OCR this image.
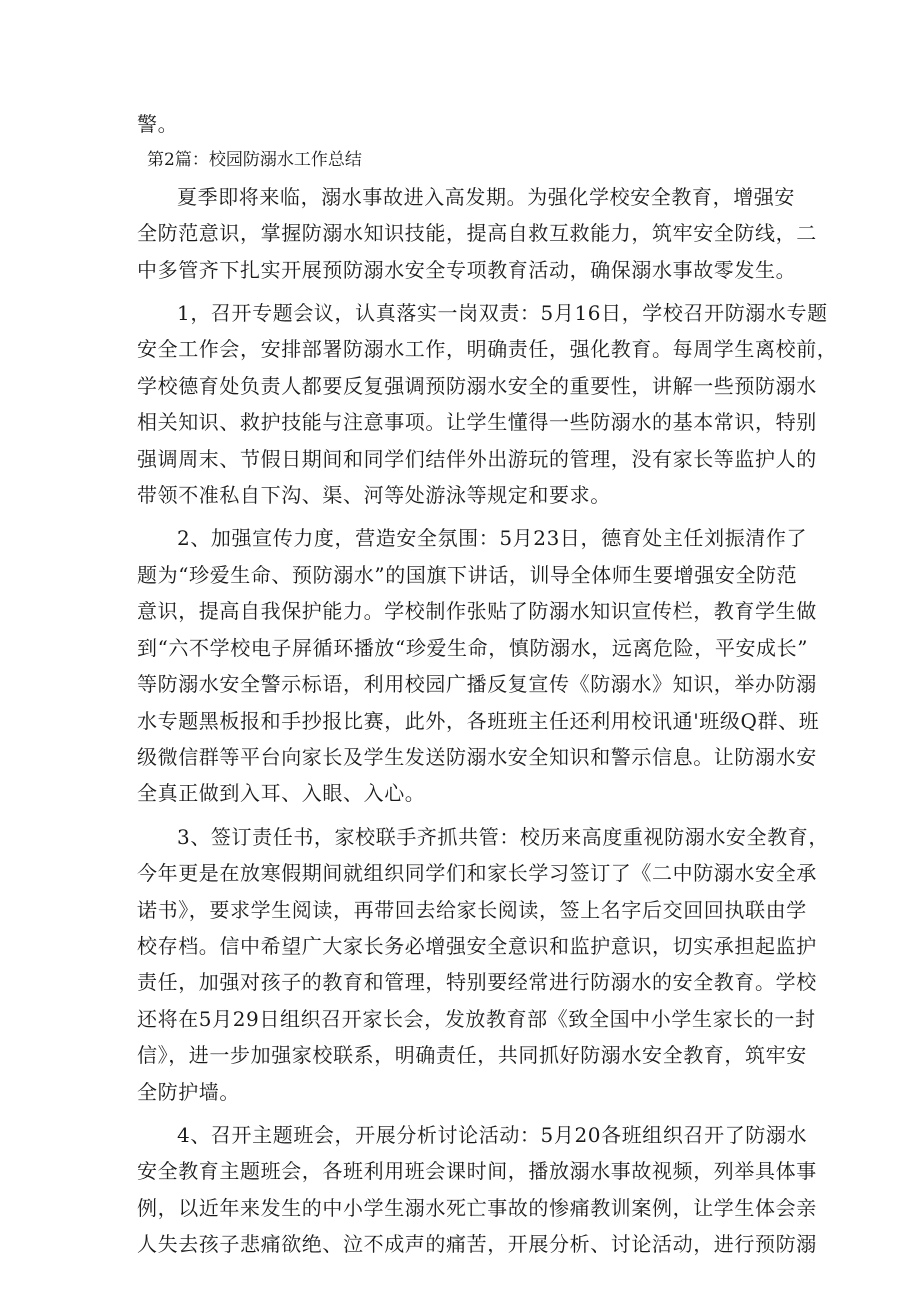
警。
第2篇：校园防溺水工作总结
夏季即将来临，溺水事故进入高发期。为强化学校安全教育，增强安
全防范意识，掌握防溺水知识技能，提高自救互救能力，筑牢安全防线，二
中多管齐下扎实开展预防溺水安全专项教育活动，确保溺水事故零发生。
1，召开专题会议，认真落实一岗双责：5月16日，学校召开防溺水专题
安全工作会，安排部署防溺水工作，明确责任，强化教育。每周学生离校前，
学校德育处负责人都要反复强调预防溺水安全的重要性，讲解一些预防溺水
相关知识、救护技能与注意事项。让学生懂得一些防溺水的基本常识，特别
强调周末、节假日期间和同学们结伴外出游玩的管理，没有家长等监护人的
带领不准私自下沟、渠、河等处游泳等规定和要求。
2、加强宣传力度，营造安全氛围：5月23日，德育处主任刘振清作了
题为“珍爱生命、预防溺水”的国旗下讲话，训导全体师生要增强安全防范
意识，提高自我保护能力。学校制作张贴了防溺水知识宣传栏，教育学生做
到“六不学校电子屏循环播放“珍爱生命，慎防溺水，远离危险，平安成长”
等防溺水安全警示标语，利用校园广播反复宣传《防溺水》知识，举办防溺
水专题黑板报和手抄报比赛，此外，各班班主任还利用校讯通'班级Q群、班
级微信群等平台向家长及学生发送防溺水安全知识和警示信息。让防溺水安
全真正做到入耳、入眼、入心。
3、签订责任书，家校联手齐抓共管：校历来高度重视防溺水安全教育，
今年更是在放寒假期间就组织同学们和家长学习签订了《二中防溺水安全承
诺书》，要求学生阅读，再带回去给家长阅读，签上名字后交回回执联由学
校存档。信中希望广大家长务必增强安全意识和监护意识，切实承担起监护
责任，加强对孩子的教育和管理，特别要经常进行防溺水的安全教育。学校
还将在5月29日组织召开家长会，发放教育部《致全国中小学生家长的一封
信》，进一步加强家校联系，明确责任，共同抓好防溺水安全教育，筑牢安
全防护墙。
4、召开主题班会，开展分析讨论活动：5月20各班组织召开了防溺水
安全教育主题班会，各班利用班会课时间，播放溺水事故视频，列举具体事
例，以近年来发生的中小学生溺水死亡事故的惨痛教训案例，让学生体会亲
人失去孩子悲痛欲绝、泣不成声的痛苦，开展分析、讨论活动，进行预防溺
